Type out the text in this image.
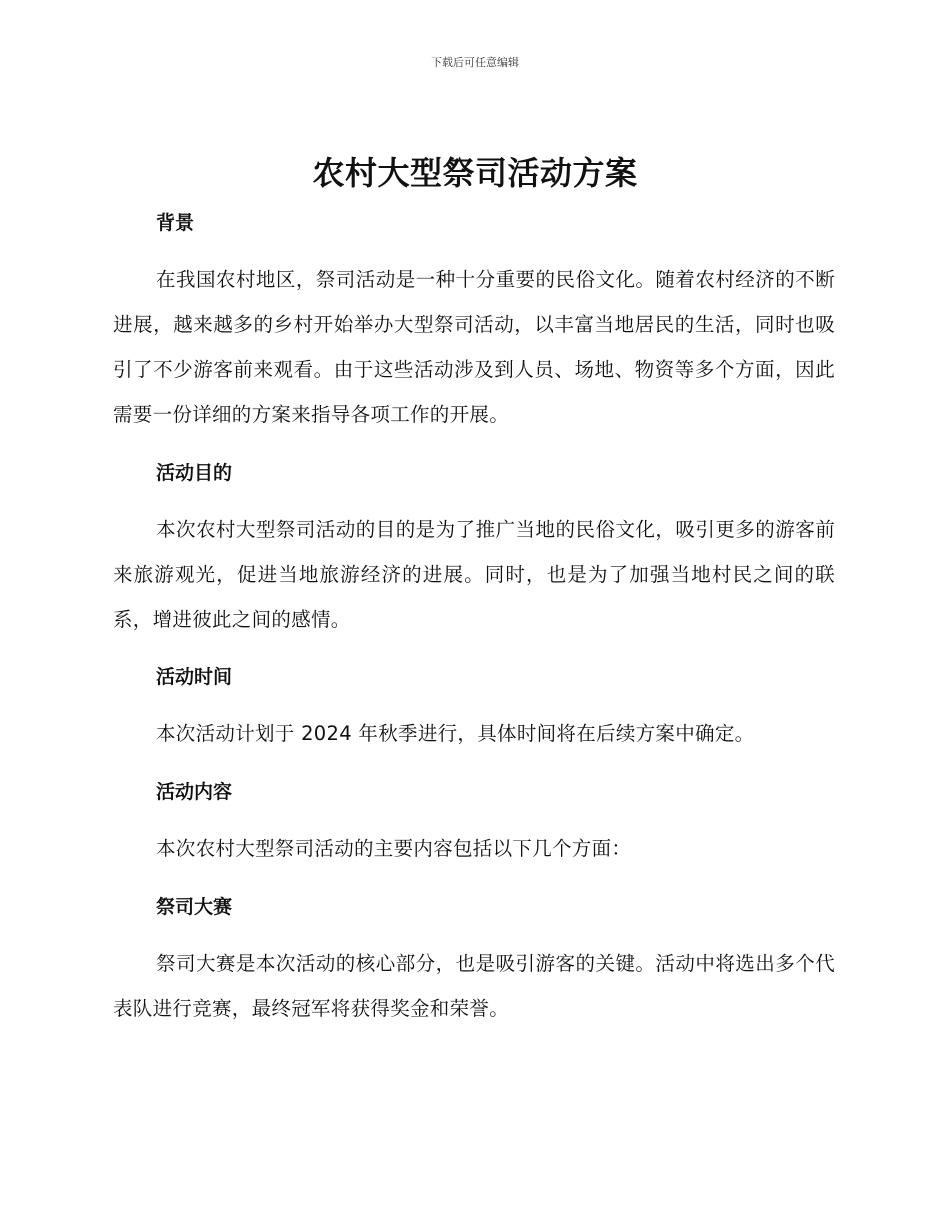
下载后可任意编辑
农村大型祭司活动方案
背景

在我国农村地区，祭司活动是一种十分重要的民俗文化。随着农村经济的不断进展，越来越多的乡村开始举办大型祭司活动，以丰富当地居民的生活，同时也吸引了不少游客前来观看。由于这些活动涉及到人员、场地、物资等多个方面，因此需要一份详细的方案来指导各项工作的开展。

活动目的

本次农村大型祭司活动的目的是为了推广当地的民俗文化，吸引更多的游客前来旅游观光，促进当地旅游经济的进展。同时，也是为了加强当地村民之间的联系，增进彼此之间的感情。

活动时间

本次活动计划于 2024 年秋季进行，具体时间将在后续方案中确定。

活动内容

本次农村大型祭司活动的主要内容包括以下几个方面：

祭司大赛

祭司大赛是本次活动的核心部分，也是吸引游客的关键。活动中将选出多个代表队进行竞赛，最终冠军将获得奖金和荣誉。
